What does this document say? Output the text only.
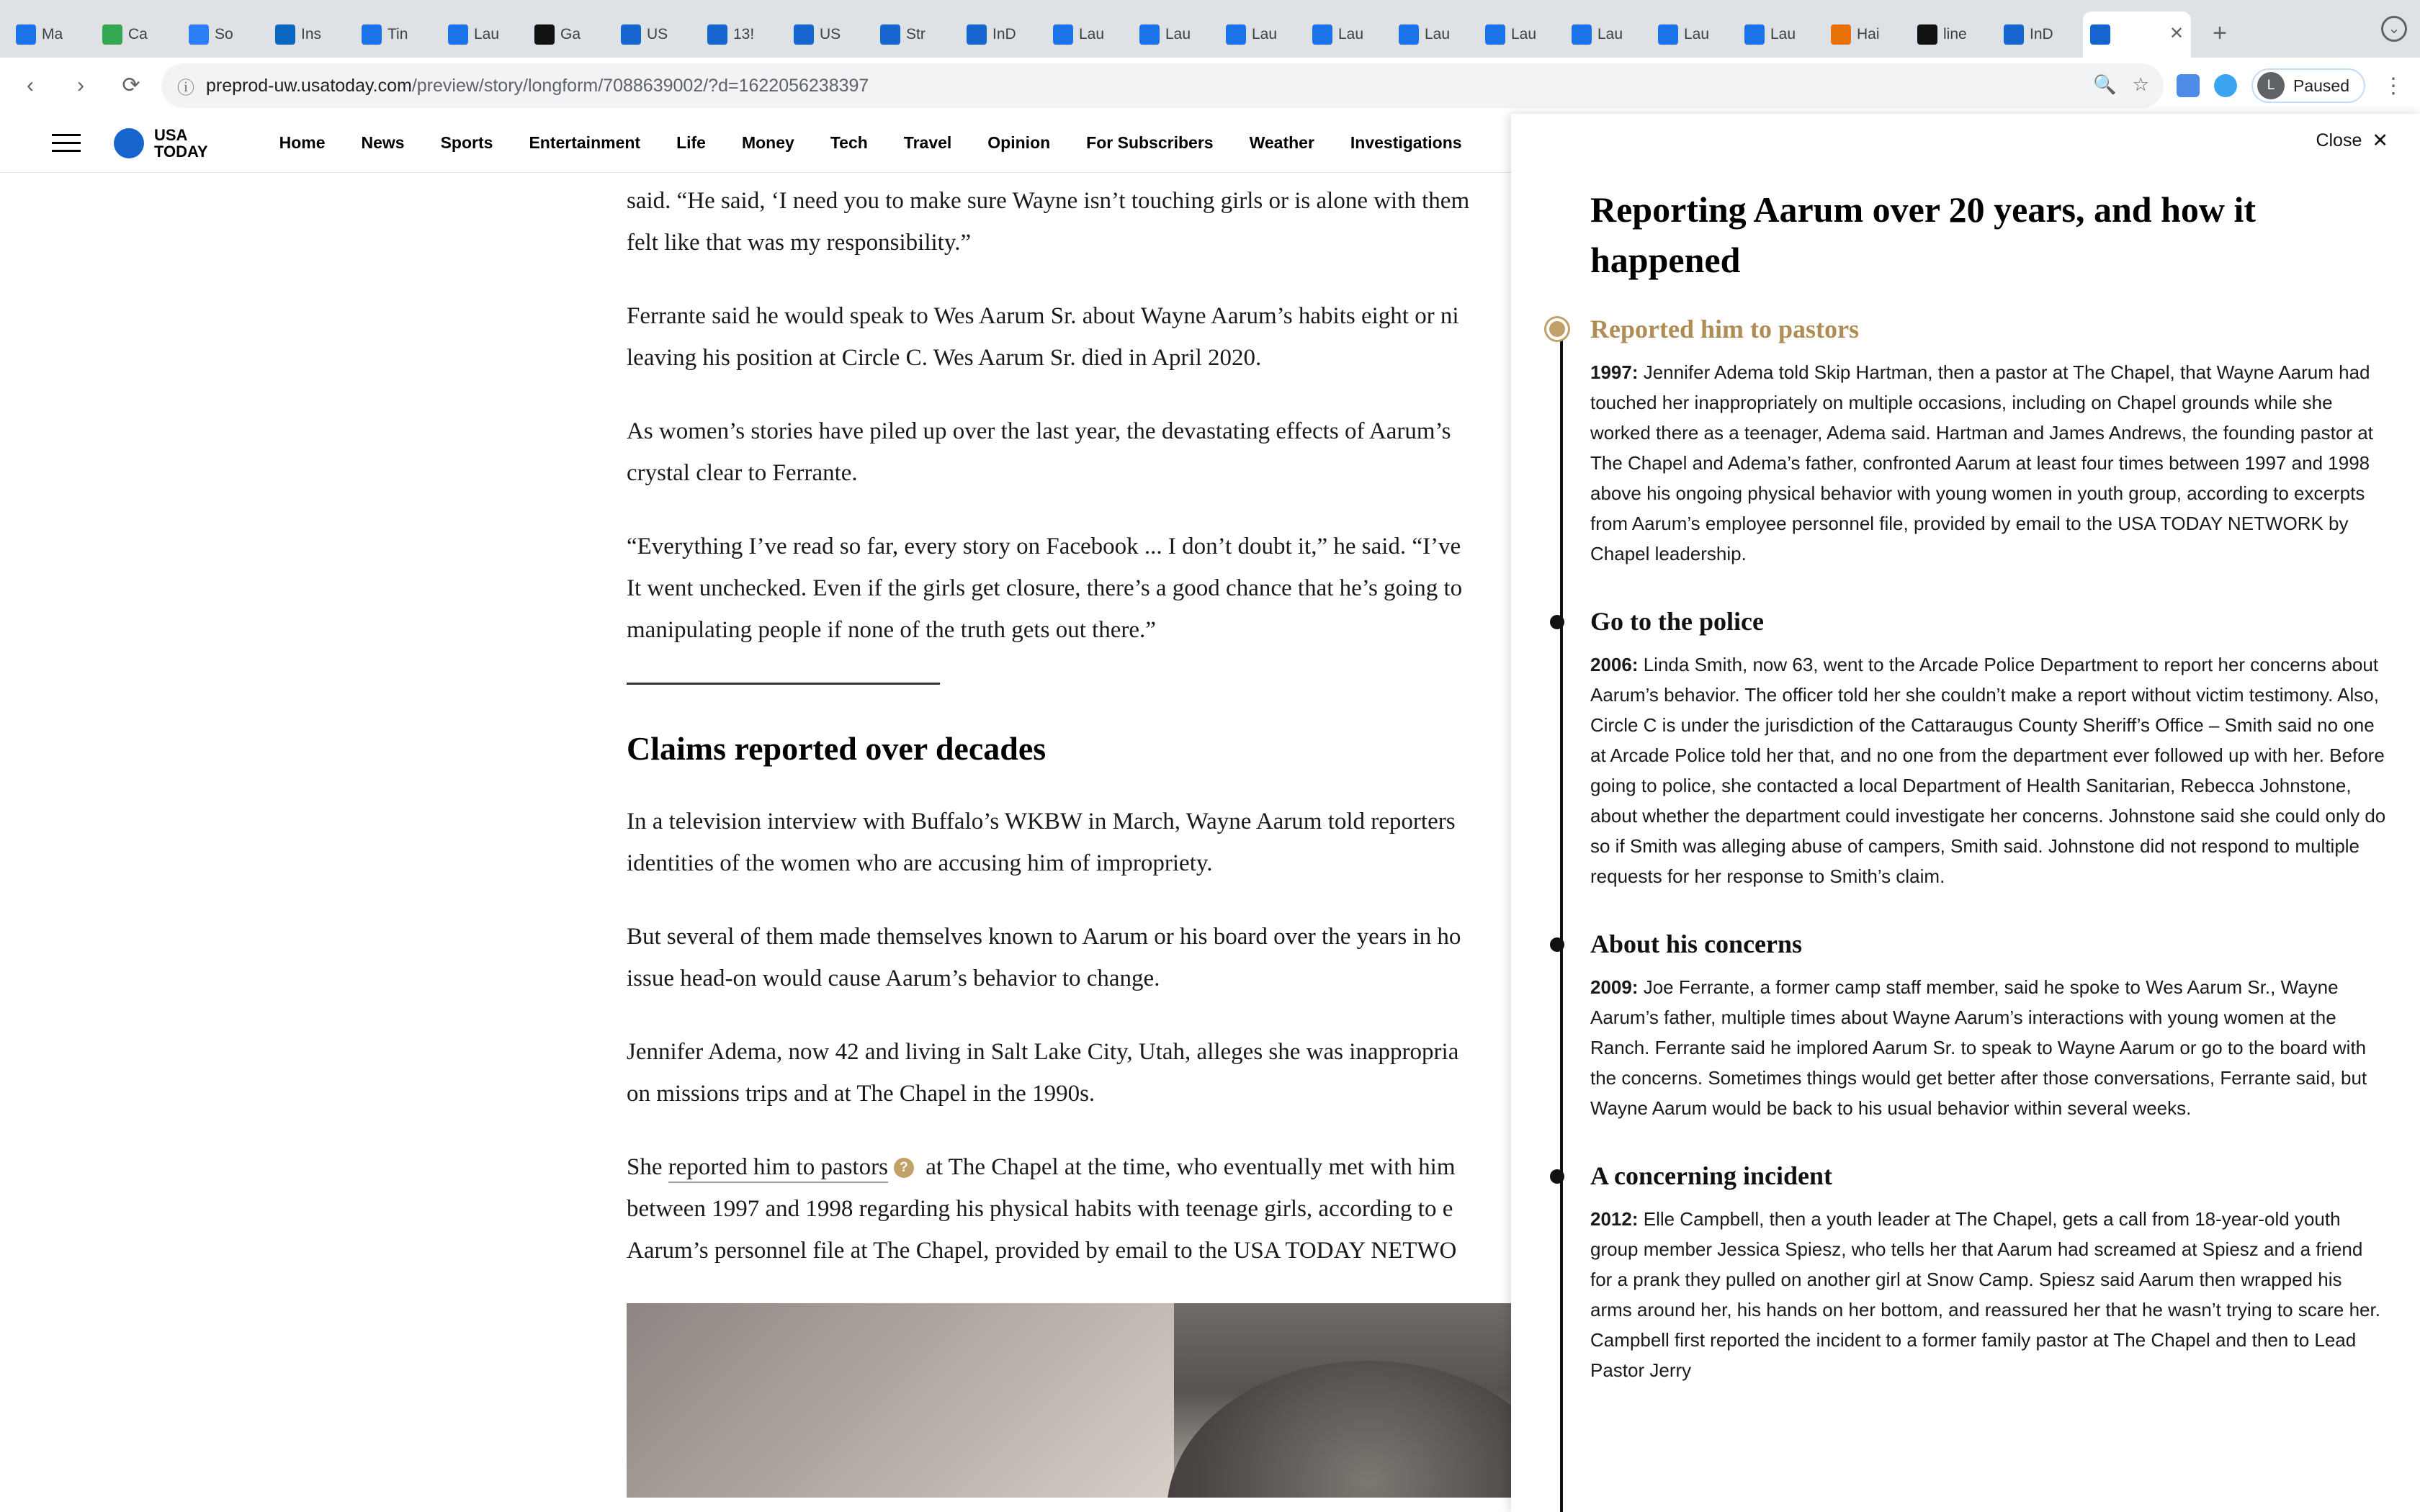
Ma	Ca	So	Ins	Tin	Lau	Ga	US	13!	US	Str	InD	Lau	Lau	Lau	Lau	Lau	Lau	Lau	Lau	Lau	Hai	line	InD	✕	+	⌄
‹	›	⟳	ⓘ preprod-uw.usatoday.com/preview/story/longform/7088639002/?d=1622056238397	🔍 ☆	L	Paused ⋮
USA
TODAY	Home	News	Sports	Entertainment	Life	Money	Tech	Travel	Opinion	For Subscribers	Weather	Investigations

said. “He said, ‘I need you to make sure Wayne isn’t touching girls or is alone with them
felt like that was my responsibility.”

Ferrante said he would speak to Wes Aarum Sr. about Wayne Aarum’s habits eight or ni
leaving his position at Circle C. Wes Aarum Sr. died in April 2020.

As women’s stories have piled up over the last year, the devastating effects of Aarum’s
crystal clear to Ferrante.

“Everything I’ve read so far, every story on Facebook ... I don’t doubt it,” he said. “I’ve
It went unchecked. Even if the girls get closure, there’s a good chance that he’s going to
manipulating people if none of the truth gets out there.”

Claims reported over decades

In a television interview with Buffalo’s WKBW in March, Wayne Aarum told reporters
identities of the women who are accusing him of impropriety.

But several of them made themselves known to Aarum or his board over the years in ho
issue head-on would cause Aarum’s behavior to change.

Jennifer Adema, now 42 and living in Salt Lake City, Utah, alleges she was inappropria
on missions trips and at The Chapel in the 1990s.

She reported him to pastors ? at The Chapel at the time, who eventually met with him
between 1997 and 1998 regarding his physical habits with teenage girls, according to e
Aarum’s personnel file at The Chapel, provided by email to the USA TODAY NETWO

Close ✕
Reporting Aarum over 20 years, and how it happened
Reported him to pastors
1997: Jennifer Adema told Skip Hartman, then a pastor at The Chapel, that Wayne Aarum had touched her inappropriately on multiple occasions, including on Chapel grounds while she worked there as a teenager, Adema said. Hartman and James Andrews, the founding pastor at The Chapel and Adema’s father, confronted Aarum at least four times between 1997 and 1998 above his ongoing physical behavior with young women in youth group, according to excerpts from Aarum’s employee personnel file, provided by email to the USA TODAY NETWORK by Chapel leadership.
Go to the police
2006: Linda Smith, now 63, went to the Arcade Police Department to report her concerns about Aarum’s behavior. The officer told her she couldn’t make a report without victim testimony. Also, Circle C is under the jurisdiction of the Cattaraugus County Sheriff’s Office – Smith said no one at Arcade Police told her that, and no one from the department ever followed up with her. Before going to police, she contacted a local Department of Health Sanitarian, Rebecca Johnstone, about whether the department could investigate her concerns. Johnstone said she could only do so if Smith was alleging abuse of campers, Smith said. Johnstone did not respond to multiple requests for her response to Smith’s claim.
About his concerns
2009: Joe Ferrante, a former camp staff member, said he spoke to Wes Aarum Sr., Wayne Aarum’s father, multiple times about Wayne Aarum’s interactions with young women at the Ranch. Ferrante said he implored Aarum Sr. to speak to Wayne Aarum or go to the board with the concerns. Sometimes things would get better after those conversations, Ferrante said, but Wayne Aarum would be back to his usual behavior within several weeks.
A concerning incident
2012: Elle Campbell, then a youth leader at The Chapel, gets a call from 18-year-old youth group member Jessica Spiesz, who tells her that Aarum had screamed at Spiesz and a friend for a prank they pulled on another girl at Snow Camp. Spiesz said Aarum then wrapped his arms around her, his hands on her bottom, and reassured her that he wasn’t trying to scare her. Campbell first reported the incident to a former family pastor at The Chapel and then to Lead Pastor Jerry
